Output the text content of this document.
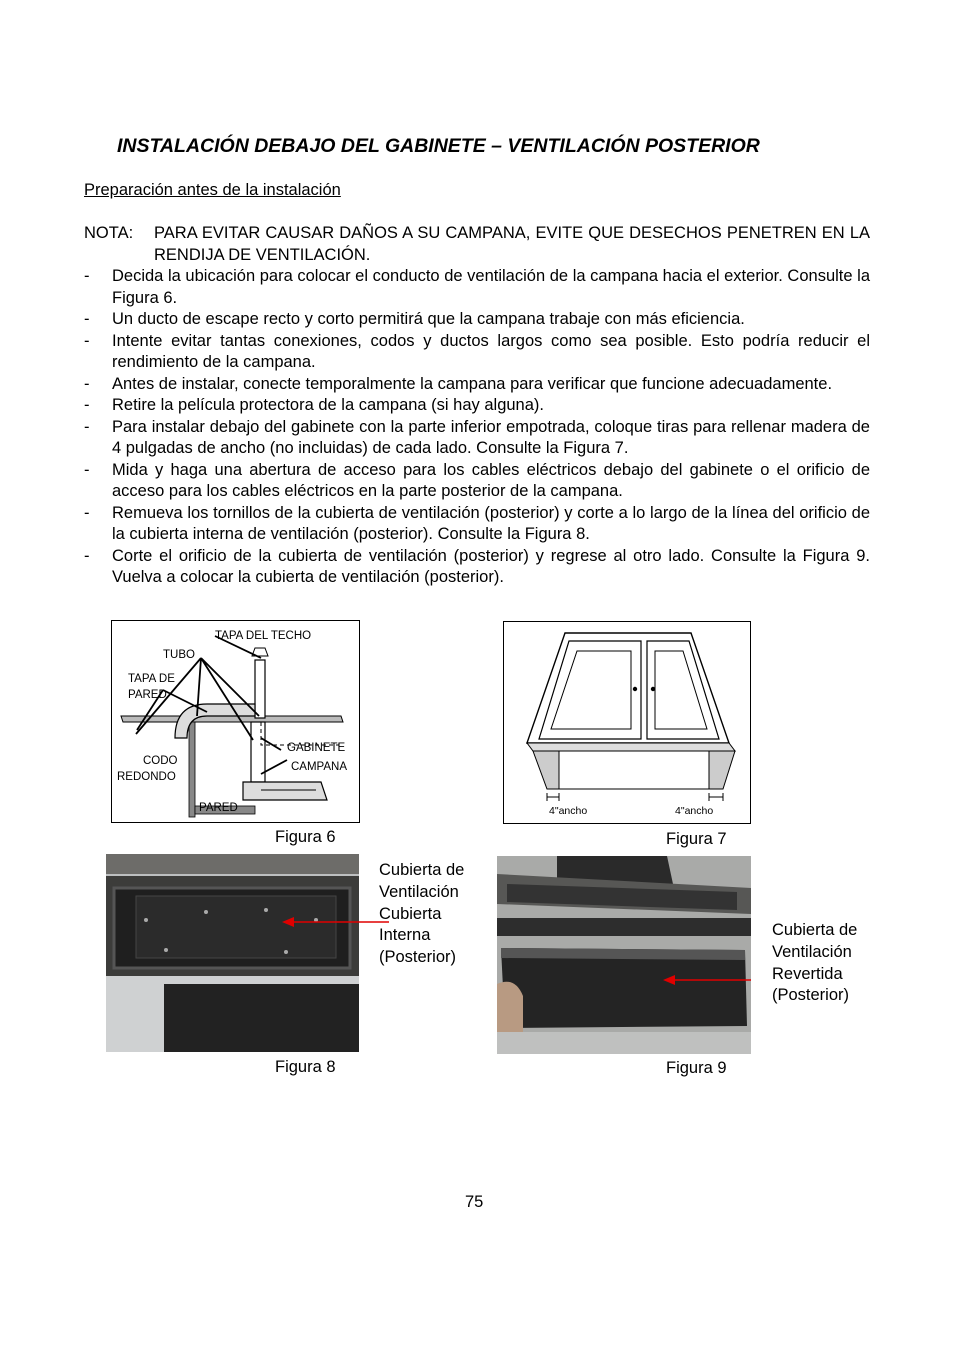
INSTALACIÓN DEBAJO DEL GABINETE – VENTILACIÓN POSTERIOR
Preparación antes de la instalación
NOTA:	PARA EVITAR CAUSAR DAÑOS A SU CAMPANA, EVITE QUE DESECHOS PENETREN EN LA RENDIJA DE VENTILACIÓN.
-	Decida la ubicación para colocar el conducto de ventilación de la campana hacia el exterior. Consulte la Figura 6.
-	Un ducto de escape recto y corto permitirá que la campana trabaje con más eficiencia.
-	Intente evitar tantas conexiones, codos y ductos largos como sea posible. Esto podría reducir el rendimiento de la campana.
-	Antes de instalar, conecte temporalmente la campana para verificar que funcione adecuadamente.
-	Retire la película protectora de la campana (si hay alguna).
-	Para instalar debajo del gabinete con la parte inferior empotrada, coloque tiras para rellenar madera de 4 pulgadas de ancho (no incluidas) de cada lado. Consulte la Figura 7.
-	Mida y haga una abertura de acceso para los cables eléctricos debajo del gabinete o el orificio de acceso para los cables eléctricos en la parte posterior de la campana.
-	Remueva los tornillos de la cubierta de ventilación (posterior) y corte a lo largo de la línea del orificio de la cubierta interna de ventilación (posterior). Consulte la Figura 8.
-	Corte el orificio de la cubierta de ventilación (posterior) y regrese al otro lado. Consulte la Figura 9. Vuelva a colocar la cubierta de ventilación (posterior).
TAPA DEL TECHO
TUBO
TAPA DE
PARED
CODO
REDONDO
GABINETE
CAMPANA
PARED
Figura 6
4"ancho	4"ancho
Figura 7
Figura 8
Cubierta de
Ventilación
Cubierta
Interna
(Posterior)
Figura 9
Cubierta de
Ventilación
Revertida
(Posterior)
75
